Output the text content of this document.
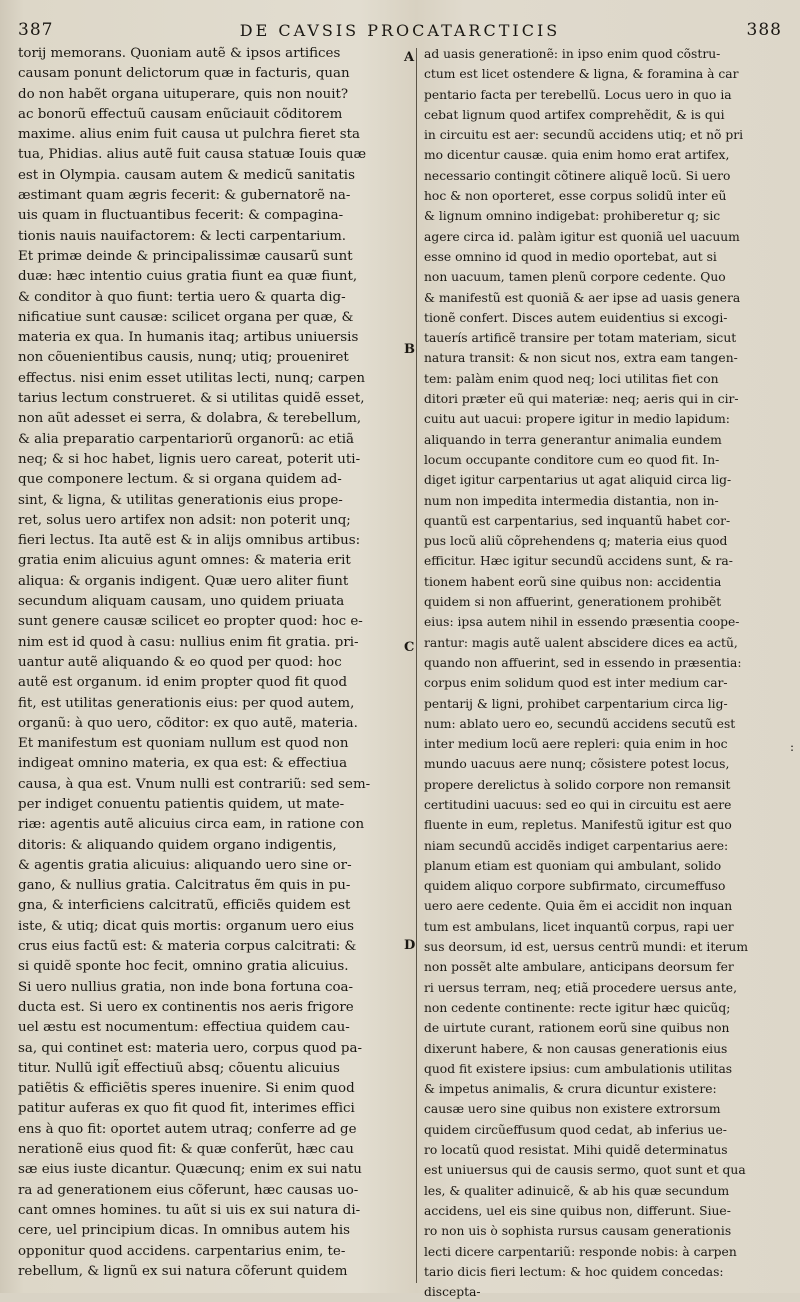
387	DE CAVSIS PROCATARCTICIS	388
torij memorans. Quoniam autẽ & ipsos artifices
causam ponunt delictorum quæ in facturis, quan
do non habẽt organa uituperare, quis non nouit?
ac bonorũ effectuũ causam enũciauit cõditorem
maxime. alius enim fuit causa ut pulchra fieret sta
tua, Phidias. alius autẽ fuit causa statuæ Iouis quæ
est in Olympia. causam autem & medicũ sanitatis
æstimant quam ægris fecerit: & gubernatorẽ na-
uis quam in fluctuantibus fecerit: & compagina-
tionis nauis nauifactorem: & lecti carpentarium.
Et primæ deinde & principalissimæ causarũ sunt
duæ: hæc intentio cuius gratia fiunt ea quæ fiunt,
& conditor à quo fiunt: tertia uero & quarta dig-
nificatiue sunt causæ: scilicet organa per quæ, &
materia ex qua. In humanis itaq; artibus uniuersis
non cõuenientibus causis, nunq; utiq; proueniret
effectus. nisi enim esset utilitas lecti, nunq; carpen
tarius lectum construeret. & si utilitas quidẽ esset,
non aũt adesset ei serra, & dolabra, & terebellum,
& alia preparatio carpentariorũ organorũ: ac etiã
neq; & si hoc habet, lignis uero careat, poterit uti-
que componere lectum. & si organa quidem ad-
sint, & ligna, & utilitas generationis eius prope-
ret, solus uero artifex non adsit: non poterit unq;
fieri lectus. Ita autẽ est & in alijs omnibus artibus:
gratia enim alicuius agunt omnes: & materia erit
aliqua: & organis indigent. Quæ uero aliter fiunt
secundum aliquam causam, uno quidem priuata
sunt genere causæ scilicet eo propter quod: hoc e-
nim est id quod à casu: nullius enim fit gratia. pri-
uantur autẽ aliquando & eo quod per quod: hoc
autẽ est organum. id enim propter quod fit quod
fit, est utilitas generationis eius: per quod autem,
organũ: à quo uero, cõditor: ex quo autẽ, materia.
Et manifestum est quoniam nullum est quod non
indigeat omnino materia, ex qua est: & effectiua
causa, à qua est. Vnum nulli est contrariũ: sed sem-
per indiget conuentu patientis quidem, ut mate-
riæ: agentis autẽ alicuius circa eam, in ratione con
ditoris: & aliquando quidem organo indigentis,
& agentis gratia alicuius: aliquando uero sine or-
gano, & nullius gratia. Calcitratus ẽm quis in pu-
gna, & interficiens calcitratũ, efficiẽs quidem est
iste, & utiq; dicat quis mortis: organum uero eius
crus eius factũ est: & materia corpus calcitrati: &
si quidẽ sponte hoc fecit, omnino gratia alicuius.
Si uero nullius gratia, non inde bona fortuna coa-
ducta est. Si uero ex continentis nos aeris frigore
uel æstu est nocumentum: effectiua quidem cau-
sa, qui continet est: materia uero, corpus quod pa-
titur. Nullũ igit̃ effectiuũ absq; cõuentu alicuius
patiẽtis & efficiẽtis speres inuenire. Si enim quod
patitur auferas ex quo fit quod fit, interimes effici
ens à quo fit: oportet autem utraq; conferre ad ge
nerationẽ eius quod fit: & quæ conferũt, hæc cau
sæ eius iuste dicantur. Quæcunq; enim ex sui natu
ra ad generationem eius cõferunt, hæc causas uo-
cant omnes homines. tu aũt si uis ex sui natura di-
cere, uel principium dicas. In omnibus autem his
opponitur quod accidens. carpentarius enim, te-
rebellum, & lignũ ex sui natura cõferunt quidem
ad uasis generationẽ: in ipso enim quod cõstru-
ctum est licet ostendere & ligna, & foramina à car
pentario facta per terebellũ. Locus uero in quo ia
cebat lignum quod artifex comprehẽdit, & is qui
in circuitu est aer: secundũ accidens utiq; et nõ pri
mo dicentur causæ. quia enim homo erat artifex,
necessario contingit cõtinere aliquẽ locũ. Si uero
hoc & non oporteret, esse corpus solidũ inter eũ
& lignum omnino indigebat: prohiberetur q; sic
agere circa id. palàm igitur est quoniã uel uacuum
esse omnino id quod in medio oportebat, aut si
non uacuum, tamen plenũ corpore cedente. Quo
& manifestũ est quoniã & aer ipse ad uasis genera
tionẽ confert. Disces autem euidentius si excogi-
tauerís artificẽ transire per totam materiam, sicut
natura transit: & non sicut nos, extra eam tangen-
tem: palàm enim quod neq; loci utilitas fiet con
ditori præter eũ qui materiæ: neq; aeris qui in cir-
cuitu aut uacui: propere igitur in medio lapidum:
aliquando in terra generantur animalia eundem
locum occupante conditore cum eo quod fit. In-
diget igitur carpentarius ut agat aliquid circa lig-
num non impedita intermedia distantia, non in-
quantũ est carpentarius, sed inquantũ habet cor-
pus locũ aliũ cõprehendens q; materia eius quod
efficitur. Hæc igitur secundũ accidens sunt, & ra-
tionem habent eorũ sine quibus non: accidentia
quidem si non affuerint, generationem prohibẽt
eius: ipsa autem nihil in essendo præsentia coope-
rantur: magis autẽ ualent abscidere dices ea actũ,
quando non affuerint, sed in essendo in præsentia:
corpus enim solidum quod est inter medium car-
pentarij & ligni, prohibet carpentarium circa lig-
num: ablato uero eo, secundũ accidens secutũ est
inter medium locũ aere repleri: quia enim in hoc
mundo uacuus aere nunq; cõsistere potest locus,
propere derelictus à solido corpore non remansit
certitudini uacuus: sed eo qui in circuitu est aere
fluente in eum, repletus. Manifestũ igitur est quo
niam secundũ accidẽs indiget carpentarius aere:
planum etiam est quoniam qui ambulant, solido
quidem aliquo corpore subfirmato, circumeffuso
uero aere cedente. Quia ẽm ei accidit non inquan
tum est ambulans, licet inquantũ corpus, rapi uer
sus deorsum, id est, uersus centrũ mundi: et iterum
non possẽt alte ambulare, anticipans deorsum fer
ri uersus terram, neq; etiã procedere uersus ante,
non cedente continente: recte igitur hæc quicũq;
de uirtute curant, rationem eorũ sine quibus non
dixerunt habere, & non causas generationis eius
quod fit existere ipsius: cum ambulationis utilitas
& impetus animalis, & crura dicuntur existere:
causæ uero sine quibus non existere extrorsum
quidem circũeffusum quod cedat, ab inferius ue-
ro locatũ quod resistat. Mihi quidẽ determinatus
est uniuersus qui de causis sermo, quot sunt et qua
les, & qualiter adinuicẽ, & ab his quæ secundum
accidens, uel eis sine quibus non, differunt. Siue-
ro non uis ò sophista rursus causam generationis
lecti dicere carpentariũ: responde nobis: à carpen
tario dicis fieri lectum: & hoc quidem concedas:
discepta-
A
B
C
D
:
